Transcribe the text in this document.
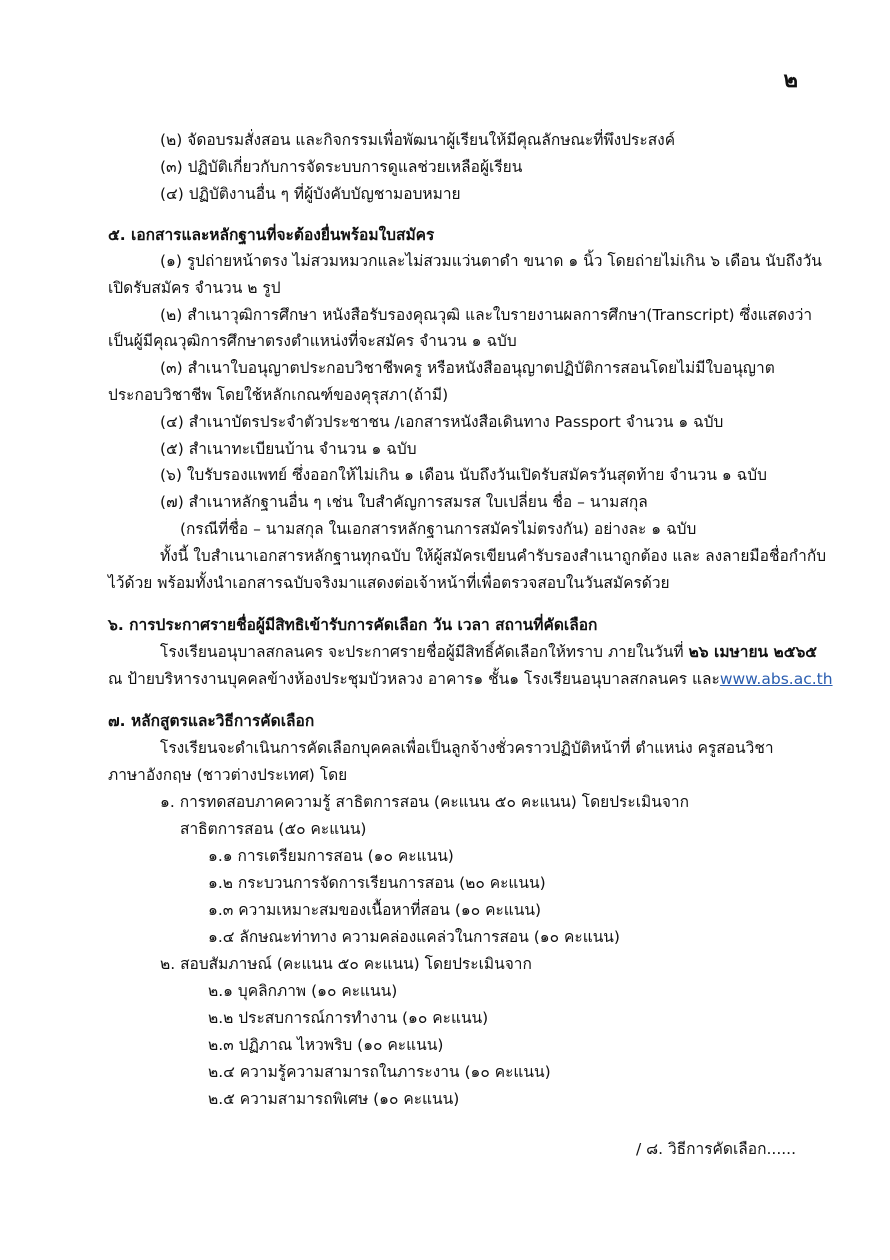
๒
(๒) จัดอบรมสั่งสอน และกิจกรรมเพื่อพัฒนาผู้เรียนให้มีคุณลักษณะที่พึงประสงค์
(๓) ปฏิบัติเกี่ยวกับการจัดระบบการดูแลช่วยเหลือผู้เรียน
(๔) ปฏิบัติงานอื่น ๆ ที่ผู้บังคับบัญชามอบหมาย
๕. เอกสารและหลักฐานที่จะต้องยื่นพร้อมใบสมัคร
(๑) รูปถ่ายหน้าตรง ไม่สวมหมวกและไม่สวมแว่นตาดำ ขนาด ๑ นิ้ว โดยถ่ายไม่เกิน ๖ เดือน นับถึงวัน
เปิดรับสมัคร จำนวน ๒ รูป
(๒) สำเนาวุฒิการศึกษา หนังสือรับรองคุณวุฒิ และใบรายงานผลการศึกษา(Transcript) ซึ่งแสดงว่า
เป็นผู้มีคุณวุฒิการศึกษาตรงตำแหน่งที่จะสมัคร จำนวน ๑ ฉบับ
(๓) สำเนาใบอนุญาตประกอบวิชาชีพครู หรือหนังสืออนุญาตปฏิบัติการสอนโดยไม่มีใบอนุญาต
ประกอบวิชาชีพ โดยใช้หลักเกณฑ์ของคุรุสภา(ถ้ามี)
(๔) สำเนาบัตรประจำตัวประชาชน /เอกสารหนังสือเดินทาง Passport จำนวน ๑ ฉบับ
(๕) สำเนาทะเบียนบ้าน จำนวน ๑ ฉบับ
(๖) ใบรับรองแพทย์ ซึ่งออกให้ไม่เกิน ๑ เดือน นับถึงวันเปิดรับสมัครวันสุดท้าย จำนวน ๑ ฉบับ
(๗) สำเนาหลักฐานอื่น ๆ เช่น ใบสำคัญการสมรส ใบเปลี่ยน ชื่อ – นามสกุล
(กรณีที่ชื่อ – นามสกุล ในเอกสารหลักฐานการสมัครไม่ตรงกัน) อย่างละ ๑ ฉบับ
ทั้งนี้ ใบสำเนาเอกสารหลักฐานทุกฉบับ ให้ผู้สมัครเขียนคำรับรองสำเนาถูกต้อง และ ลงลายมือชื่อกำกับ
ไว้ด้วย พร้อมทั้งนำเอกสารฉบับจริงมาแสดงต่อเจ้าหน้าที่เพื่อตรวจสอบในวันสมัครด้วย
๖. การประกาศรายชื่อผู้มีสิทธิเข้ารับการคัดเลือก วัน เวลา สถานที่คัดเลือก
โรงเรียนอนุบาลสกลนคร จะประกาศรายชื่อผู้มีสิทธิ์คัดเลือกให้ทราบ ภายในวันที่ ๒๖ เมษายน ๒๕๖๕
ณ ป้ายบริหารงานบุคคลข้างห้องประชุมบัวหลวง อาคาร๑ ชั้น๑ โรงเรียนอนุบาลสกลนคร และwww.abs.ac.th
๗. หลักสูตรและวิธีการคัดเลือก
โรงเรียนจะดำเนินการคัดเลือกบุคคลเพื่อเป็นลูกจ้างชั่วคราวปฏิบัติหน้าที่ ตำแหน่ง ครูสอนวิชา
ภาษาอังกฤษ (ชาวต่างประเทศ) โดย
๑. การทดสอบภาคความรู้ สาธิตการสอน (คะแนน ๕๐ คะแนน) โดยประเมินจาก
สาธิตการสอน (๕๐ คะแนน)
๑.๑ การเตรียมการสอน (๑๐ คะแนน)
๑.๒ กระบวนการจัดการเรียนการสอน (๒๐ คะแนน)
๑.๓ ความเหมาะสมของเนื้อหาที่สอน (๑๐ คะแนน)
๑.๔ ลักษณะท่าทาง ความคล่องแคล่วในการสอน (๑๐ คะแนน)
๒. สอบสัมภาษณ์ (คะแนน ๕๐ คะแนน) โดยประเมินจาก
๒.๑ บุคลิกภาพ (๑๐ คะแนน)
๒.๒ ประสบการณ์การทำงาน (๑๐ คะแนน)
๒.๓ ปฏิภาณ ไหวพริบ (๑๐ คะแนน)
๒.๔ ความรู้ความสามารถในภาระงาน (๑๐ คะแนน)
๒.๕ ความสามารถพิเศษ (๑๐ คะแนน)
/ ๘. วิธีการคัดเลือก......
